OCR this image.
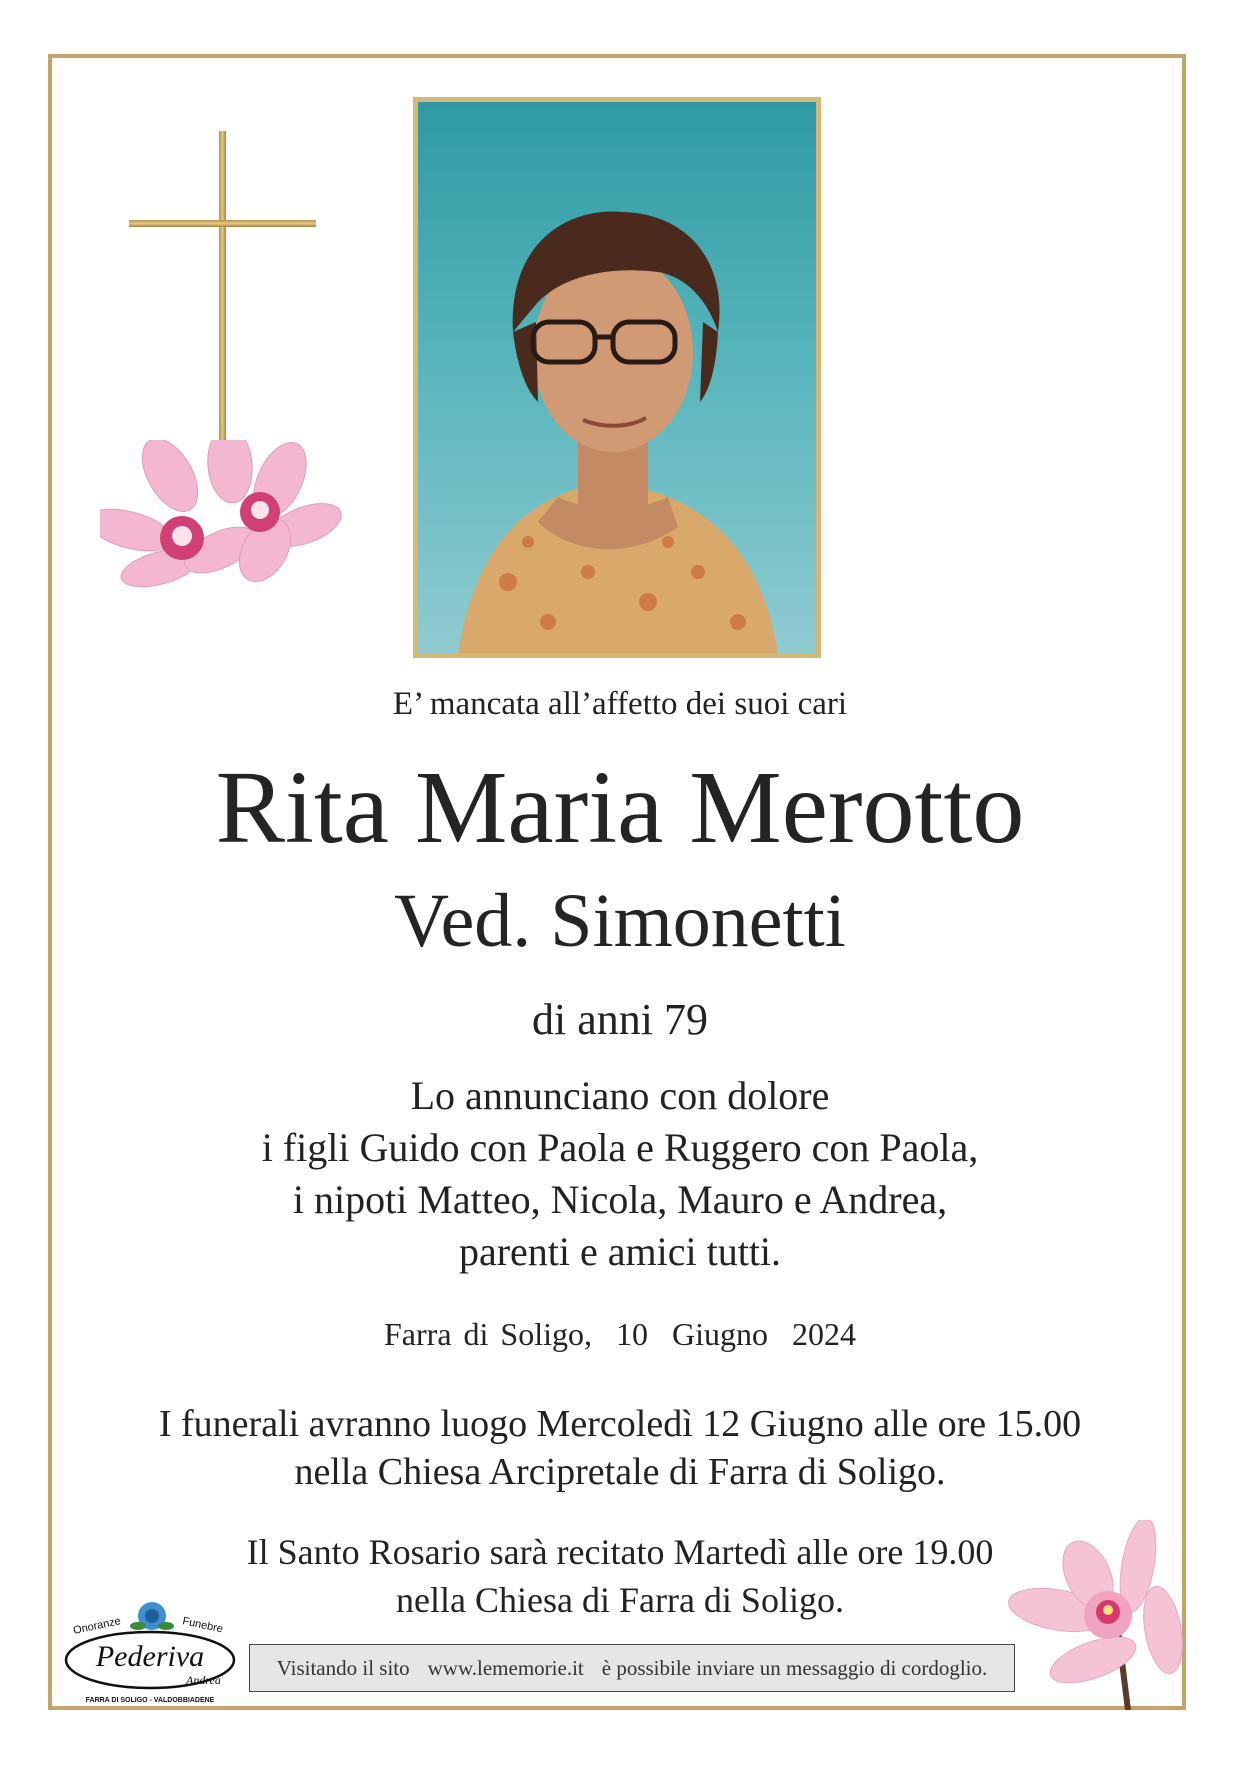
E’ mancata all’affetto dei suoi cari
Rita Maria Merotto
Ved. Simonetti
di anni 79
Lo annunciano con dolore
i figli Guido con Paola e Ruggero con Paola,
i nipoti Matteo, Nicola, Mauro e Andrea,
parenti e amici tutti.
Farra di Soligo,  10  Giugno  2024
I funerali avranno luogo Mercoledì 12 Giugno alle ore 15.00
nella Chiesa Arcipretale di Farra di Soligo.
Il Santo Rosario sarà recitato Martedì alle ore 19.00
nella Chiesa di Farra di Soligo.
Onoranze	Funebre
Pederiva
Andrea
FARRA DI SOLIGO - VALDOBBIADENE
Visitando il sito www.lememorie.it è possibile inviare un messaggio di cordoglio.
